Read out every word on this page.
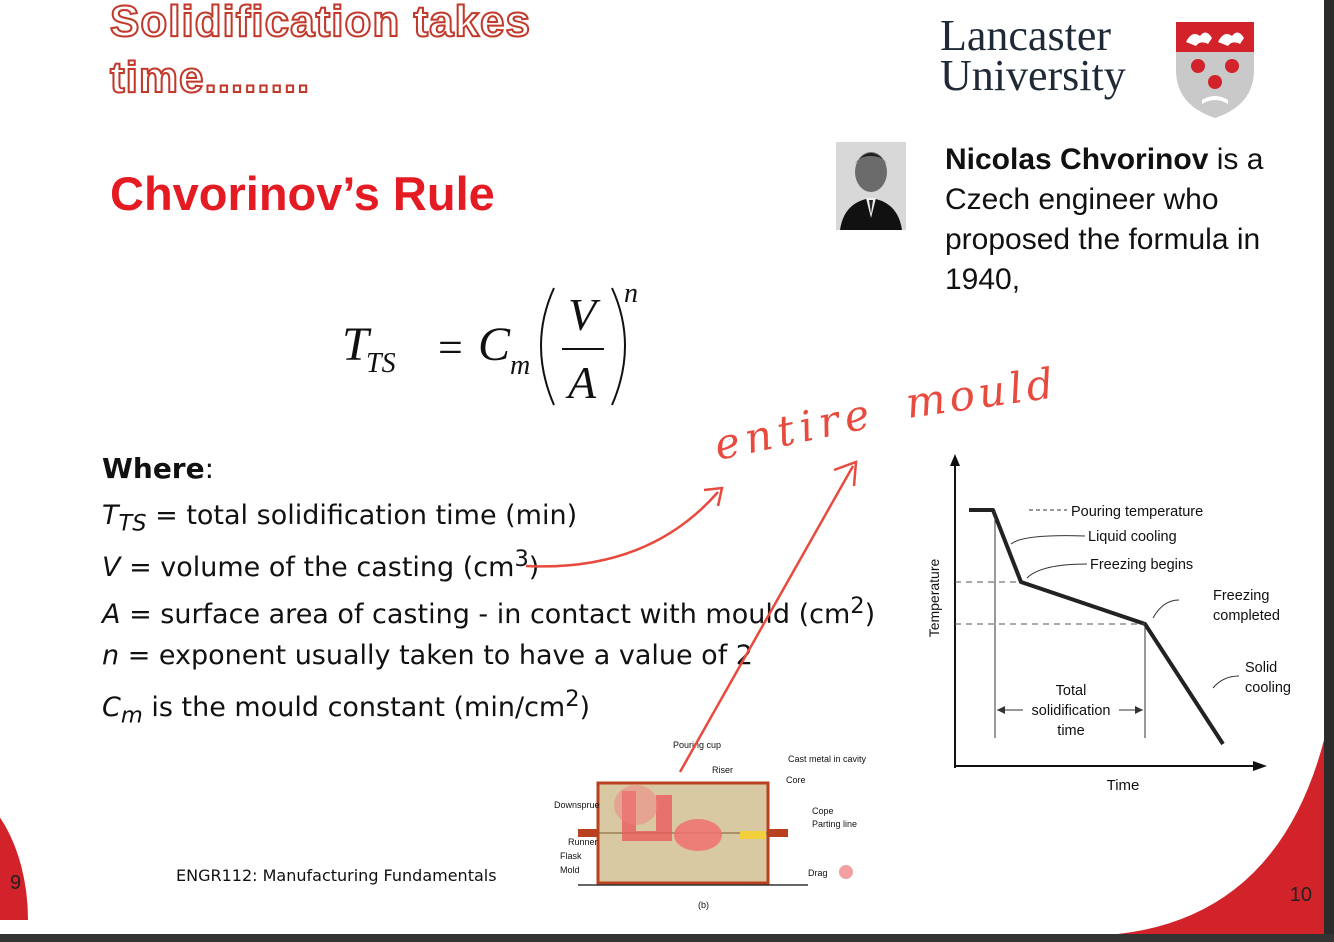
9
Solidification takes
time........
Chvorinov’s Rule
Lancaster
University
Nicolas Chvorinov is a Czech engineer who proposed the formula in 1940,
T
TS = C m
V
A
n
Where:
$T_{TS}$ = total solidification time (min)
V = volume of the casting $(cm^3)$
A = surface area of casting - in contact with mould $(cm^2)$
n = exponent usually taken to have a value of 2
$C_m$ is the mould constant $(\min/cm^2)$
Temperature
Time
Pouring temperature
Liquid cooling
Freezing begins
Freezing
completed
Solid
cooling
Total
solidification
time
Pouring cup
Riser
Cast metal in cavity
Core
Downsprue
Cope
Parting line
Runner
Flask
Mold	Drag
(b)
ENGR112: Manufacturing Fundamentals
10
entire mould
